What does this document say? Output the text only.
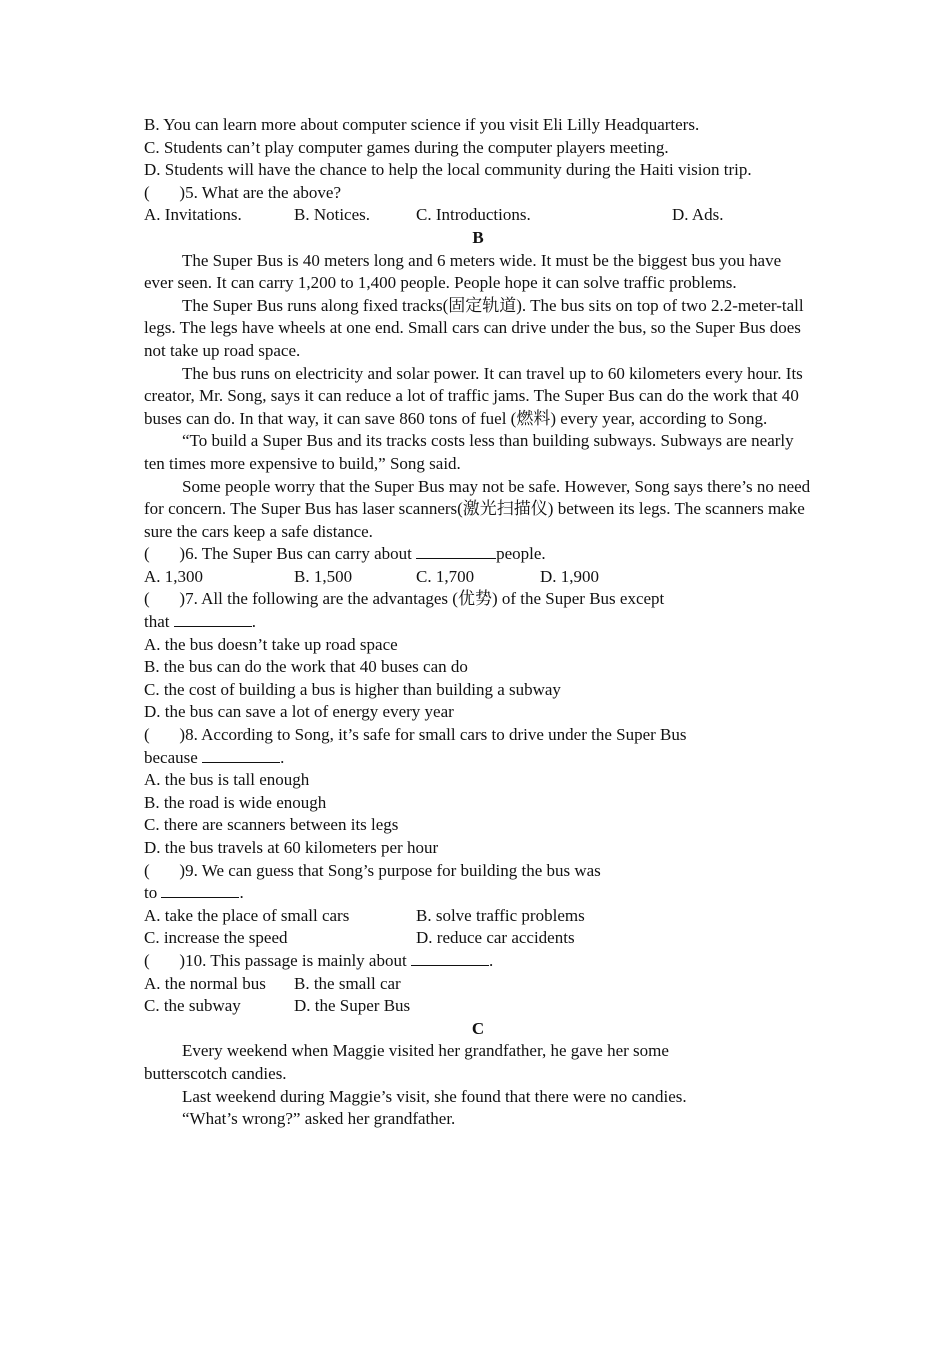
B. You can learn more about computer science if you visit Eli Lilly Headquarters.
C. Students can’t play computer games during the computer players meeting.
D. Students will have the chance to help the local community during the Haiti vision trip.
(       )5. What are the above?
A. Invitations.	B. Notices.	C. Introductions.	D. Ads.
B
The Super Bus is 40 meters long and 6 meters wide. It must be the biggest bus you have ever seen. It can carry 1,200 to 1,400 people. People hope it can solve traffic problems.
The Super Bus runs along fixed tracks(固定轨道). The bus sits on top of two 2.2-meter-tall legs. The legs have wheels at one end. Small cars can drive under the bus, so the Super Bus does not take up road space.
The bus runs on electricity and solar power. It can travel up to 60 kilometers every hour. Its creator, Mr. Song, says it can reduce a lot of traffic jams. The Super Bus can do the work that 40 buses can do. In that way, it can save 860 tons of fuel (燃料) every year, according to Song.
“To build a Super Bus and its tracks costs less than building subways. Subways are nearly ten times more expensive to build,” Song said.
Some people worry that the Super Bus may not be safe. However, Song says there’s no need for concern. The Super Bus has laser scanners(激光扫描仪) between its legs. The scanners make sure the cars keep a safe distance.
(       )6. The Super Bus can carry about	people.
A. 1,300	B. 1,500	C. 1,700	D. 1,900
(       )7. All the following are the advantages (优势) of the Super Bus except
that	.
A. the bus doesn’t take up road space
B. the bus can do the work that 40 buses can do
C. the cost of building a bus is higher than building a subway
D. the bus can save a lot of energy every year
(       )8. According to Song, it’s safe for small cars to drive under the Super Bus
because	.
A. the bus is tall enough
B. the road is wide enough
C. there are scanners between its legs
D. the bus travels at 60 kilometers per hour
(       )9. We can guess that Song’s purpose for building the bus was
to	.
A. take the place of small cars	B. solve traffic problems
C. increase the speed	D. reduce car accidents
(       )10. This passage is mainly about	.
A. the normal bus	B. the small car
C. the subway	D. the Super Bus
C
Every weekend when Maggie visited her grandfather, he gave her some butterscotch candies.
Last weekend during Maggie’s visit, she found that there were no candies.
“What’s wrong?” asked her grandfather.
